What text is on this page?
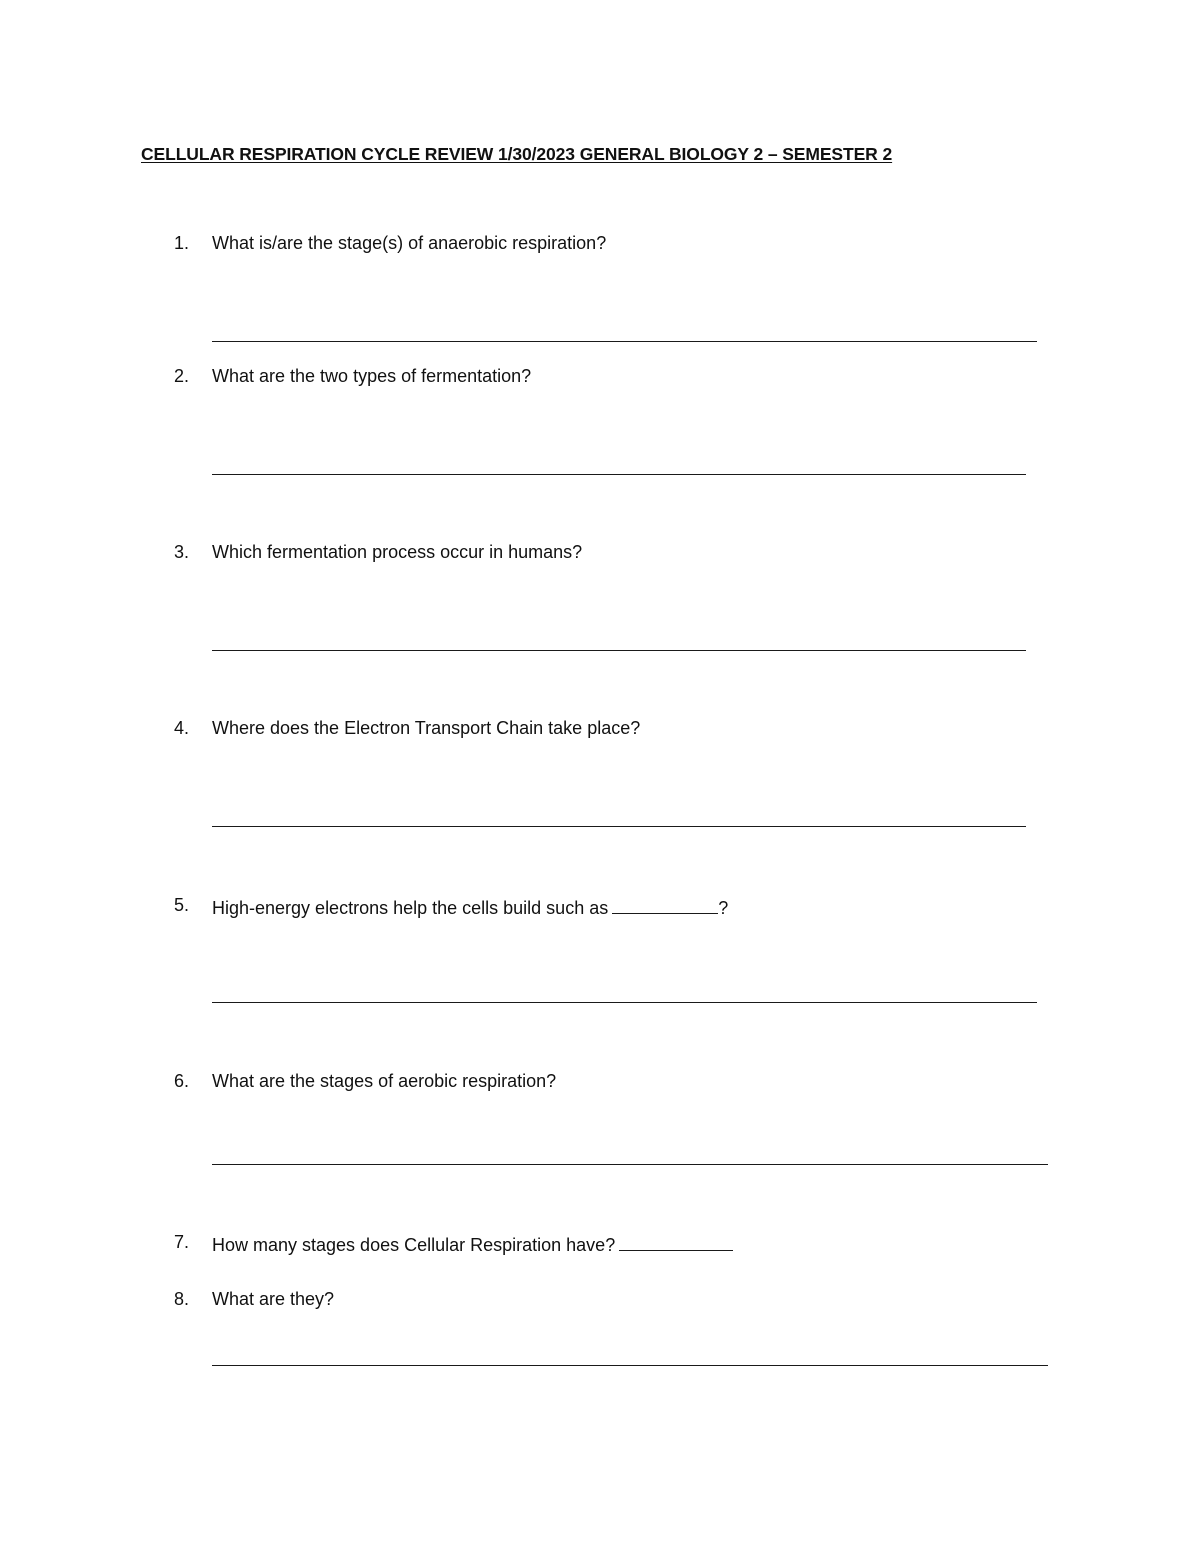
CELLULAR RESPIRATION CYCLE REVIEW 1/30/2023 GENERAL BIOLOGY 2 – SEMESTER 2
1.	What is/are the stage(s) of anaerobic respiration?
2.	What are the two types of fermentation?
3.	Which fermentation process occur in humans?
4.	Where does the Electron Transport Chain take place?
5.	High-energy electrons help the cells build such as	?
6.	What are the stages of aerobic respiration?
7.	How many stages does Cellular Respiration have?
8.	What are they?
